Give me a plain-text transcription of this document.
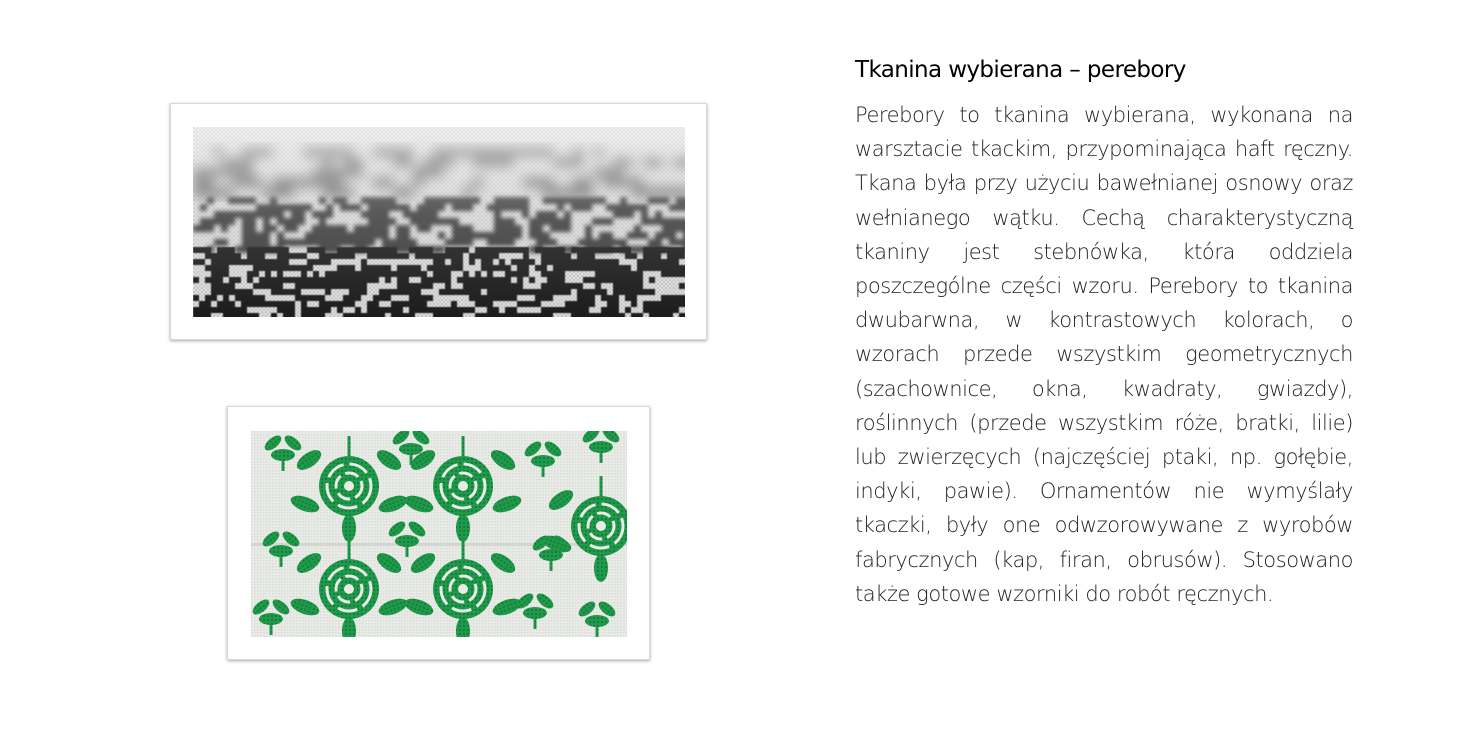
Tkanina wybierana – perebory

Perebory to tkanina wybierana, wykonana na warsztacie tkackim, przypominająca haft ręczny. Tkana była przy użyciu bawełnianej osnowy oraz wełnianego wątku. Cechą charakterystyczną tkaniny jest stebnówka, która oddziela poszczególne części wzoru. Perebory to tkanina dwubarwna, w kontrastowych kolorach, o wzorach przede wszystkim geometrycznych (szachownice, okna, kwadraty, gwiazdy), roślinnych (przede wszystkim róże, bratki, lilie) lub zwierzęcych (najczęściej ptaki, np. gołębie, indyki, pawie). Ornamentów nie wymyślały tkaczki, były one odwzorowywane z wyrobów fabrycznych (kap, firan, obrusów). Stosowano także gotowe wzorniki do robót ręcznych.
